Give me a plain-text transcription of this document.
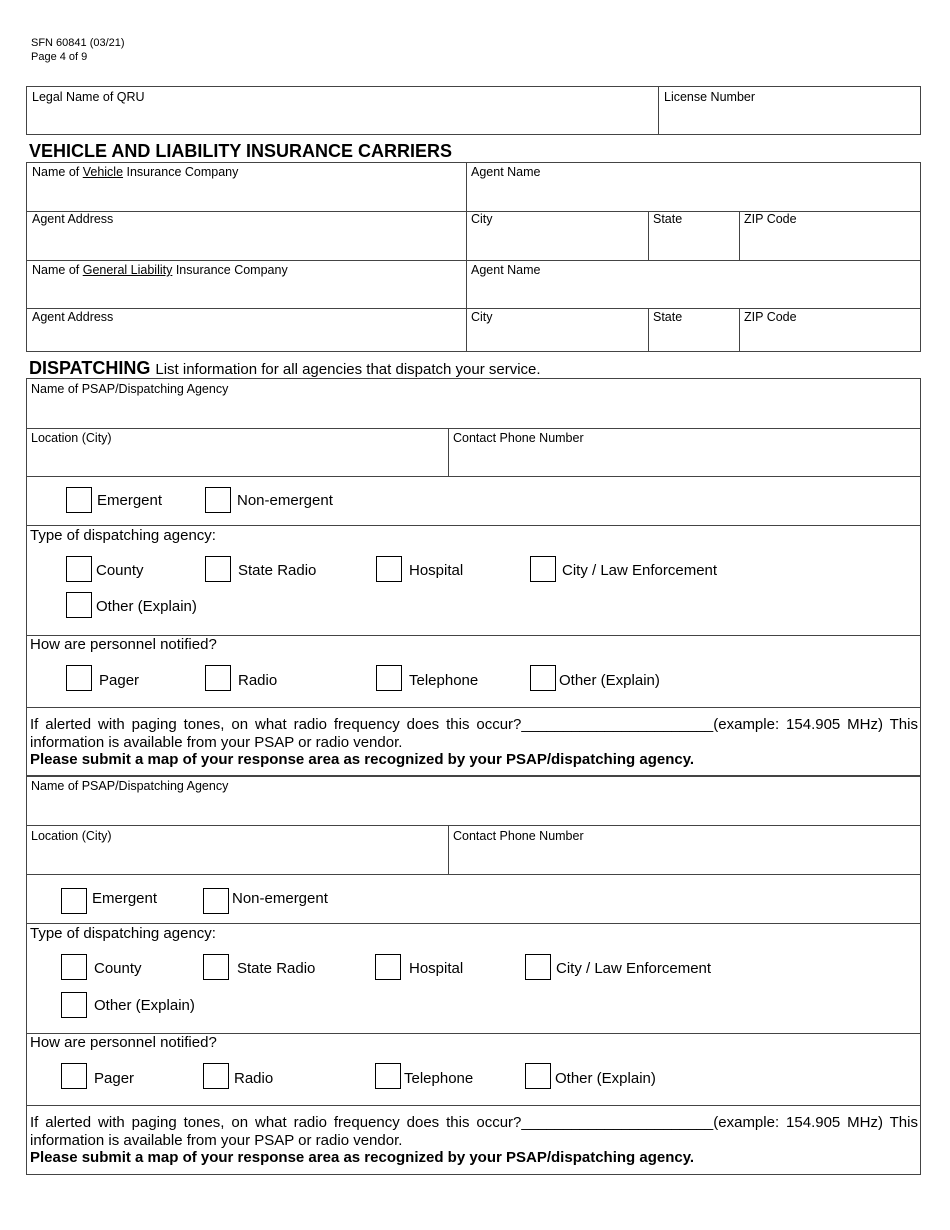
SFN 60841 (03/21)
Page 4 of 9
Legal Name of QRU	License Number
VEHICLE AND LIABILITY INSURANCE CARRIERS
Name of Vehicle Insurance Company	Agent Name
Agent Address	City	State	ZIP Code
Name of General Liability Insurance Company	Agent Name
Agent Address	City	State	ZIP Code
DISPATCHING List information for all agencies that dispatch your service.
Name of PSAP/Dispatching Agency
Location (City)	Contact Phone Number
Emergent	Non-emergent
Type of dispatching agency:
County	State Radio	Hospital	City / Law Enforcement
Other (Explain)
How are personnel notified?
Pager	Radio	Telephone	Other (Explain)
If alerted with paging tones, on what radio frequency does this occur?_______________________(example: 154.905 MHz) This information is available from your PSAP or radio vendor.
Please submit a map of your response area as recognized by your PSAP/dispatching agency.
Name of PSAP/Dispatching Agency
Location (City)	Contact Phone Number
Emergent	Non-emergent
Type of dispatching agency:
County	State Radio	Hospital	City / Law Enforcement
Other (Explain)
How are personnel notified?
Pager	Radio	Telephone	Other (Explain)
If alerted with paging tones, on what radio frequency does this occur?_______________________(example: 154.905 MHz) This information is available from your PSAP or radio vendor.
Please submit a map of your response area as recognized by your PSAP/dispatching agency.
